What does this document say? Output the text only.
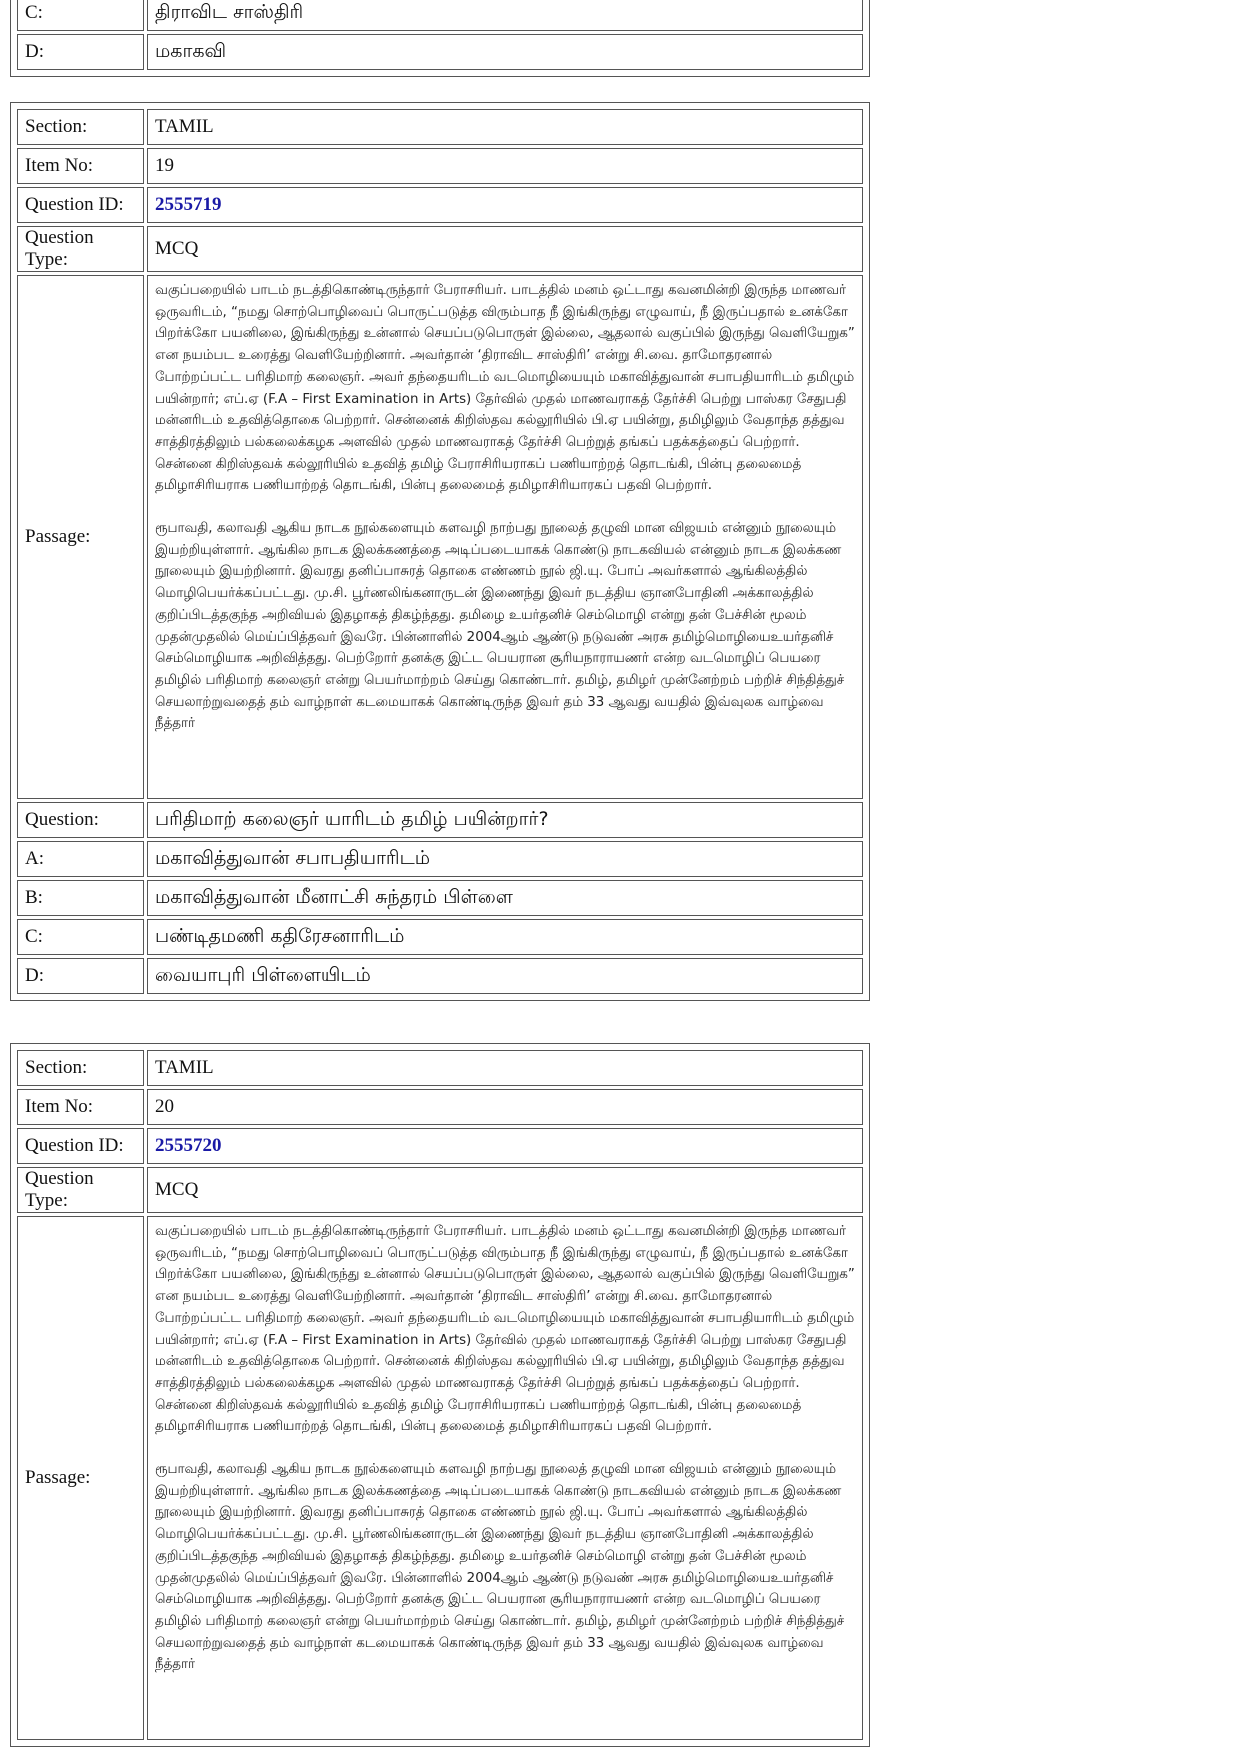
C:	திராவிட சாஸ்திரி
D:	மகாகவி
Section:	TAMIL
Item No:	19
Question ID:	2555719
Question Type:	MCQ
Passage:	வகுப்பறையில் பாடம் நடத்திகொண்டிருந்தார் பேராசரியர். பாடத்தில் மனம் ஒட்டாது கவனமின்றி இருந்த மாணவர் ஒருவரிடம், “நமது சொற்பொழிவைப் பொருட்படுத்த விரும்பாத நீ இங்கிருந்து எழுவாய், நீ இருப்பதால் உனக்கோ பிறர்க்கோ பயனிலை, இங்கிருந்து உன்னால் செயப்படுபொருள் இல்லை, ஆதலால் வகுப்பில் இருந்து வெளியேறுக” என நயம்பட உரைத்து வெளியேற்றினார். அவர்தான் ‘திராவிட சாஸ்திரி’ என்று சி.வை. தாமோதரனால் போற்றப்பட்ட பரிதிமாற் கலைஞர். அவர் தந்தையரிடம் வடமொழியையும் மகாவித்துவான் சபாபதியாரிடம் தமிழும் பயின்றார்; எப்.ஏ (F.A – First Examination in Arts) தேர்வில் முதல் மாணவராகத் தேர்ச்சி பெற்று பாஸ்கர சேதுபதி மன்னரிடம் உதவித்தொகை பெற்றார். சென்னைக் கிறிஸ்தவ கல்லூரியில் பி.ஏ பயின்று, தமிழிலும் வேதாந்த தத்துவ சாத்திரத்திலும் பல்கலைக்கழக அளவில் முதல் மாணவராகத் தேர்ச்சி பெற்றுத் தங்கப் பதக்கத்தைப் பெற்றார். சென்னை கிறிஸ்தவக் கல்லூரியில் உதவித் தமிழ் பேராசிரியராகப் பணியாற்றத் தொடங்கி, பின்பு தலைமைத் தமிழாசிரியராக பணியாற்றத் தொடங்கி, பின்பு தலைமைத் தமிழாசிரியாரகப் பதவி பெற்றார்.

ரூபாவதி, கலாவதி ஆகிய நாடக நூல்களையும் களவழி நாற்பது நூலைத் தழுவி மான விஜயம் என்னும் நூலையும் இயற்றியுள்ளார். ஆங்கில நாடக இலக்கணத்தை அடிப்படையாகக் கொண்டு நாடகவியல் என்னும் நாடக இலக்கண நூலையும் இயற்றினார். இவரது தனிப்பாசுரத் தொகை எண்ணம் நூல் ஜி.யு. போப் அவர்களால் ஆங்கிலத்தில் மொழிபெயர்க்கப்பட்டது. மு.சி. பூர்ணலிங்கனாருடன் இணைந்து இவர் நடத்திய ஞானபோதினி அக்காலத்தில் குறிப்பிடத்தகுந்த அறிவியல் இதழாகத் திகழ்ந்தது. தமிழை உயர்தனிச் செம்மொழி என்று தன் பேச்சின் மூலம் முதன்முதலில் மெய்ப்பித்தவர் இவரே. பின்னாளில் 2004ஆம் ஆண்டு நடுவண் அரசு தமிழ்மொழியைஉயர்தனிச் செம்மொழியாக அறிவித்தது. பெற்றோர் தனக்கு இட்ட பெயரான சூரியநாராயணர் என்ற வடமொழிப் பெயரை தமிழில் பரிதிமாற் கலைஞர் என்று பெயர்மாற்றம் செய்து கொண்டார். தமிழ், தமிழர் முன்னேற்றம் பற்றிச் சிந்தித்துச் செயலாற்றுவதைத் தம் வாழ்நாள் கடமையாகக் கொண்டிருந்த இவர் தம் 33 ஆவது வயதில் இவ்வுலக வாழ்வை நீத்தார்

Question:	பரிதிமாற் கலைஞர் யாரிடம் தமிழ் பயின்றார்?
A:	மகாவித்துவான் சபாபதியாரிடம்
B:	மகாவித்துவான் மீனாட்சி சுந்தரம் பிள்ளை
C:	பண்டிதமணி கதிரேசனாரிடம்
D:	வையாபுரி பிள்ளையிடம்
Section:	TAMIL
Item No:	20
Question ID:	2555720
Question Type:	MCQ
Passage:	வகுப்பறையில் பாடம் நடத்திகொண்டிருந்தார் பேராசரியர். பாடத்தில் மனம் ஒட்டாது கவனமின்றி இருந்த மாணவர் ஒருவரிடம், “நமது சொற்பொழிவைப் பொருட்படுத்த விரும்பாத நீ இங்கிருந்து எழுவாய், நீ இருப்பதால் உனக்கோ பிறர்க்கோ பயனிலை, இங்கிருந்து உன்னால் செயப்படுபொருள் இல்லை, ஆதலால் வகுப்பில் இருந்து வெளியேறுக” என நயம்பட உரைத்து வெளியேற்றினார். அவர்தான் ‘திராவிட சாஸ்திரி’ என்று சி.வை. தாமோதரனால் போற்றப்பட்ட பரிதிமாற் கலைஞர். அவர் தந்தையரிடம் வடமொழியையும் மகாவித்துவான் சபாபதியாரிடம் தமிழும் பயின்றார்; எப்.ஏ (F.A – First Examination in Arts) தேர்வில் முதல் மாணவராகத் தேர்ச்சி பெற்று பாஸ்கர சேதுபதி மன்னரிடம் உதவித்தொகை பெற்றார். சென்னைக் கிறிஸ்தவ கல்லூரியில் பி.ஏ பயின்று, தமிழிலும் வேதாந்த தத்துவ சாத்திரத்திலும் பல்கலைக்கழக அளவில் முதல் மாணவராகத் தேர்ச்சி பெற்றுத் தங்கப் பதக்கத்தைப் பெற்றார். சென்னை கிறிஸ்தவக் கல்லூரியில் உதவித் தமிழ் பேராசிரியராகப் பணியாற்றத் தொடங்கி, பின்பு தலைமைத் தமிழாசிரியராக பணியாற்றத் தொடங்கி, பின்பு தலைமைத் தமிழாசிரியாரகப் பதவி பெற்றார்.

ரூபாவதி, கலாவதி ஆகிய நாடக நூல்களையும் களவழி நாற்பது நூலைத் தழுவி மான விஜயம் என்னும் நூலையும் இயற்றியுள்ளார். ஆங்கில நாடக இலக்கணத்தை அடிப்படையாகக் கொண்டு நாடகவியல் என்னும் நாடக இலக்கண நூலையும் இயற்றினார். இவரது தனிப்பாசுரத் தொகை எண்ணம் நூல் ஜி.யு. போப் அவர்களால் ஆங்கிலத்தில் மொழிபெயர்க்கப்பட்டது. மு.சி. பூர்ணலிங்கனாருடன் இணைந்து இவர் நடத்திய ஞானபோதினி அக்காலத்தில் குறிப்பிடத்தகுந்த அறிவியல் இதழாகத் திகழ்ந்தது. தமிழை உயர்தனிச் செம்மொழி என்று தன் பேச்சின் மூலம் முதன்முதலில் மெய்ப்பித்தவர் இவரே. பின்னாளில் 2004ஆம் ஆண்டு நடுவண் அரசு தமிழ்மொழியைஉயர்தனிச் செம்மொழியாக அறிவித்தது. பெற்றோர் தனக்கு இட்ட பெயரான சூரியநாராயணர் என்ற வடமொழிப் பெயரை தமிழில் பரிதிமாற் கலைஞர் என்று பெயர்மாற்றம் செய்து கொண்டார். தமிழ், தமிழர் முன்னேற்றம் பற்றிச் சிந்தித்துச் செயலாற்றுவதைத் தம் வாழ்நாள் கடமையாகக் கொண்டிருந்த இவர் தம் 33 ஆவது வயதில் இவ்வுலக வாழ்வை நீத்தார்
